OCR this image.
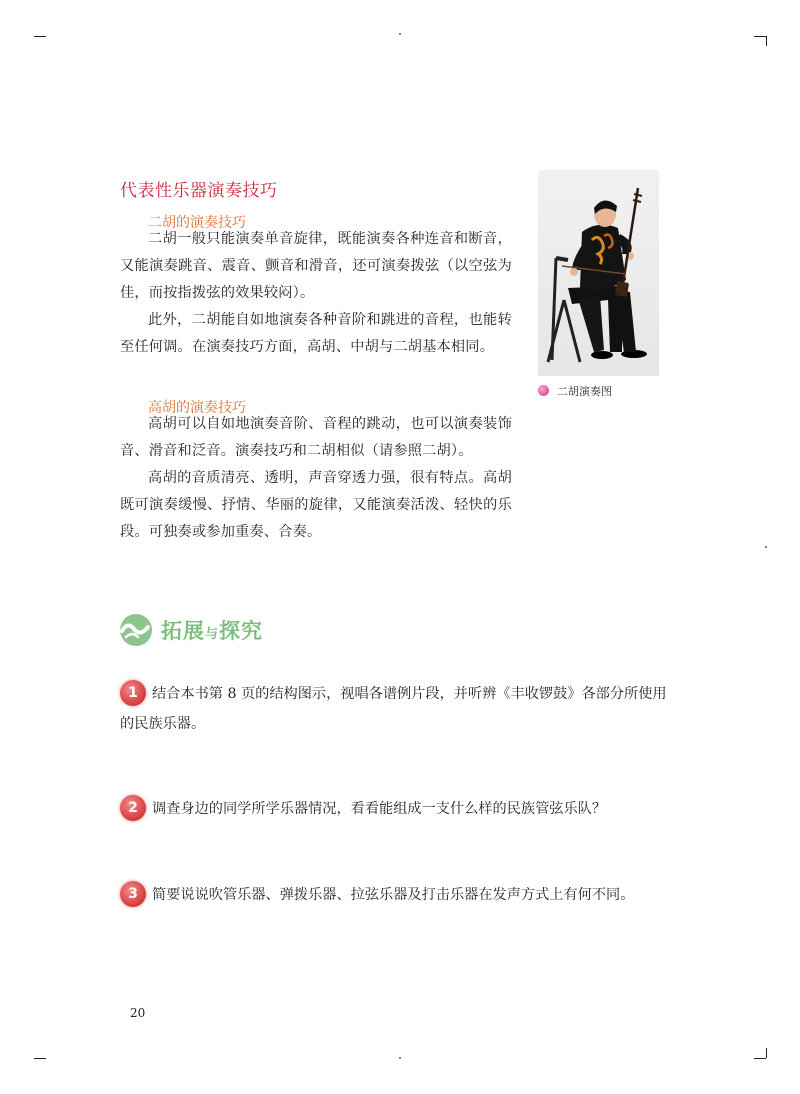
代表性乐器演奏技巧
二胡的演奏技巧

二胡一般只能演奏单音旋律，既能演奏各种连音和断音，又能演奏跳音、震音、颤音和滑音，还可演奏拨弦（以空弦为佳，而按指拨弦的效果较闷）。

此外，二胡能自如地演奏各种音阶和跳进的音程，也能转至任何调。在演奏技巧方面，高胡、中胡与二胡基本相同。

高胡的演奏技巧

高胡可以自如地演奏音阶、音程的跳动，也可以演奏装饰音、滑音和泛音。演奏技巧和二胡相似（请参照二胡）。

高胡的音质清亮、透明，声音穿透力强，很有特点。高胡既可演奏缓慢、抒情、华丽的旋律，又能演奏活泼、轻快的乐段。可独奏或参加重奏、合奏。

二胡演奏图
拓展与探究
1 结合本书第 8 页的结构图示，视唱各谱例片段，并听辨《丰收锣鼓》各部分所使用的民族乐器。
2 调查身边的同学所学乐器情况，看看能组成一支什么样的民族管弦乐队？
3 简要说说吹管乐器、弹拨乐器、拉弦乐器及打击乐器在发声方式上有何不同。
20
